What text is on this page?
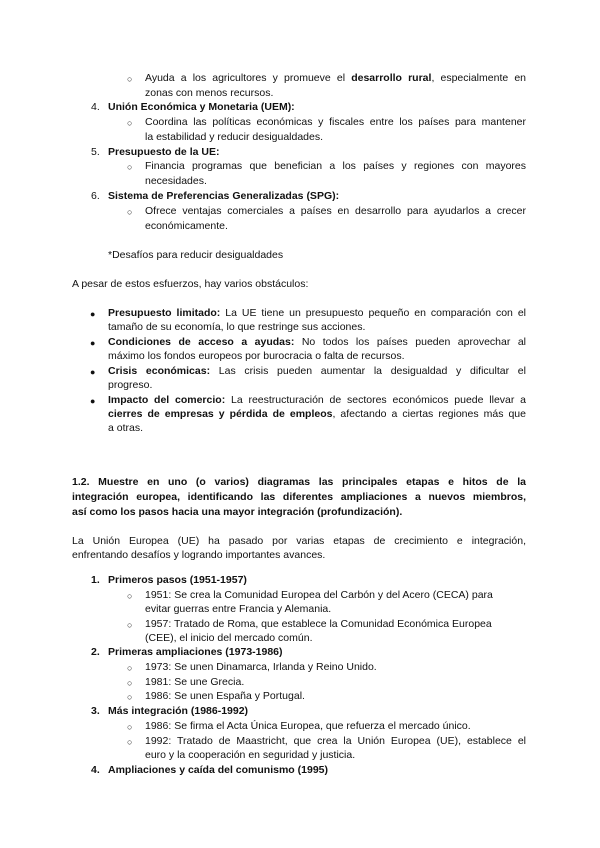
○ Ayuda a los agricultores y promueve el desarrollo rural, especialmente en
zonas con menos recursos.
4. Unión Económica y Monetaria (UEM):
○ Coordina las políticas económicas y fiscales entre los países para mantener
la estabilidad y reducir desigualdades.
5. Presupuesto de la UE:
○ Financia programas que benefician a los países y regiones con mayores
necesidades.
6. Sistema de Preferencias Generalizadas (SPG):
○ Ofrece ventajas comerciales a países en desarrollo para ayudarlos a crecer
económicamente.
*Desafíos para reducir desigualdades
A pesar de estos esfuerzos, hay varios obstáculos:
● Presupuesto limitado: La UE tiene un presupuesto pequeño en comparación con el
tamaño de su economía, lo que restringe sus acciones.
● Condiciones de acceso a ayudas: No todos los países pueden aprovechar al
máximo los fondos europeos por burocracia o falta de recursos.
● Crisis económicas: Las crisis pueden aumentar la desigualdad y dificultar el
progreso.
● Impacto del comercio: La reestructuración de sectores económicos puede llevar a
cierres de empresas y pérdida de empleos, afectando a ciertas regiones más que
a otras.
1.2. Muestre en uno (o varios) diagramas las principales etapas e hitos de la
integración europea, identificando las diferentes ampliaciones a nuevos miembros,
así como los pasos hacia una mayor integración (profundización).
La Unión Europea (UE) ha pasado por varias etapas de crecimiento e integración,
enfrentando desafíos y logrando importantes avances.
1. Primeros pasos (1951-1957)
○ 1951: Se crea la Comunidad Europea del Carbón y del Acero (CECA) para
evitar guerras entre Francia y Alemania.
○ 1957: Tratado de Roma, que establece la Comunidad Económica Europea
(CEE), el inicio del mercado común.
2. Primeras ampliaciones (1973-1986)
○ 1973: Se unen Dinamarca, Irlanda y Reino Unido.
○ 1981: Se une Grecia.
○ 1986: Se unen España y Portugal.
3. Más integración (1986-1992)
○ 1986: Se firma el Acta Única Europea, que refuerza el mercado único.
○ 1992: Tratado de Maastricht, que crea la Unión Europea (UE), establece el
euro y la cooperación en seguridad y justicia.
4. Ampliaciones y caída del comunismo (1995)
